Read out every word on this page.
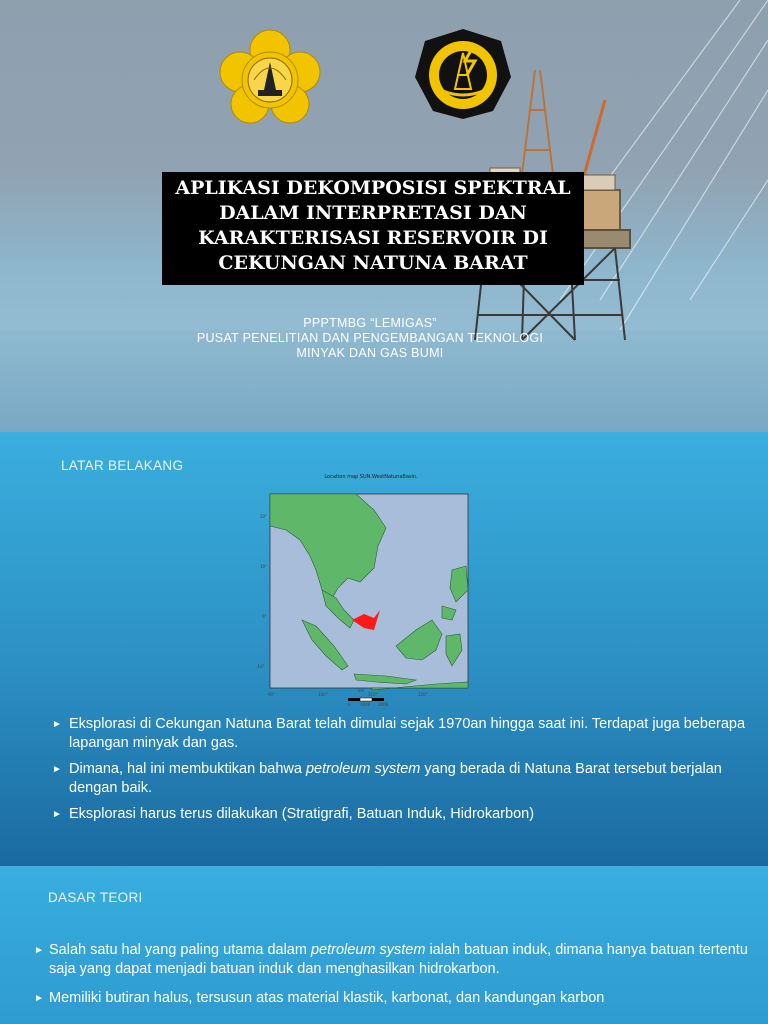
APLIKASI DEKOMPOSISI SPEKTRAL
DALAM INTERPRETASI DAN
KARAKTERISASI RESERVOIR DI
CEKUNGAN NATUNA BARAT
PPPTMBG “LEMIGAS”
PUSAT PENELITIAN DAN PENGEMBANGAN TEKNOLOGI
MINYAK DAN GAS BUMI
LATAR BELAKANG
Location map SUN.WestNatunaBasin.
20°
10°
0°
-10°
90°	100°	110°	120°
km
0 1000 2000
► Eksplorasi di Cekungan Natuna Barat telah dimulai sejak 1970an hingga saat ini. Terdapat juga beberapa lapangan minyak dan gas.
► Dimana, hal ini membuktikan bahwa petroleum system yang berada di Natuna Barat tersebut berjalan dengan baik.
► Eksplorasi harus terus dilakukan (Stratigrafi, Batuan Induk, Hidrokarbon)
DASAR TEORI
► Salah satu hal yang paling utama dalam petroleum system ialah batuan induk, dimana hanya batuan tertentu saja yang dapat menjadi batuan induk dan menghasilkan hidrokarbon.
► Memiliki butiran halus, tersusun atas material klastik, karbonat, dan kandungan karbon
